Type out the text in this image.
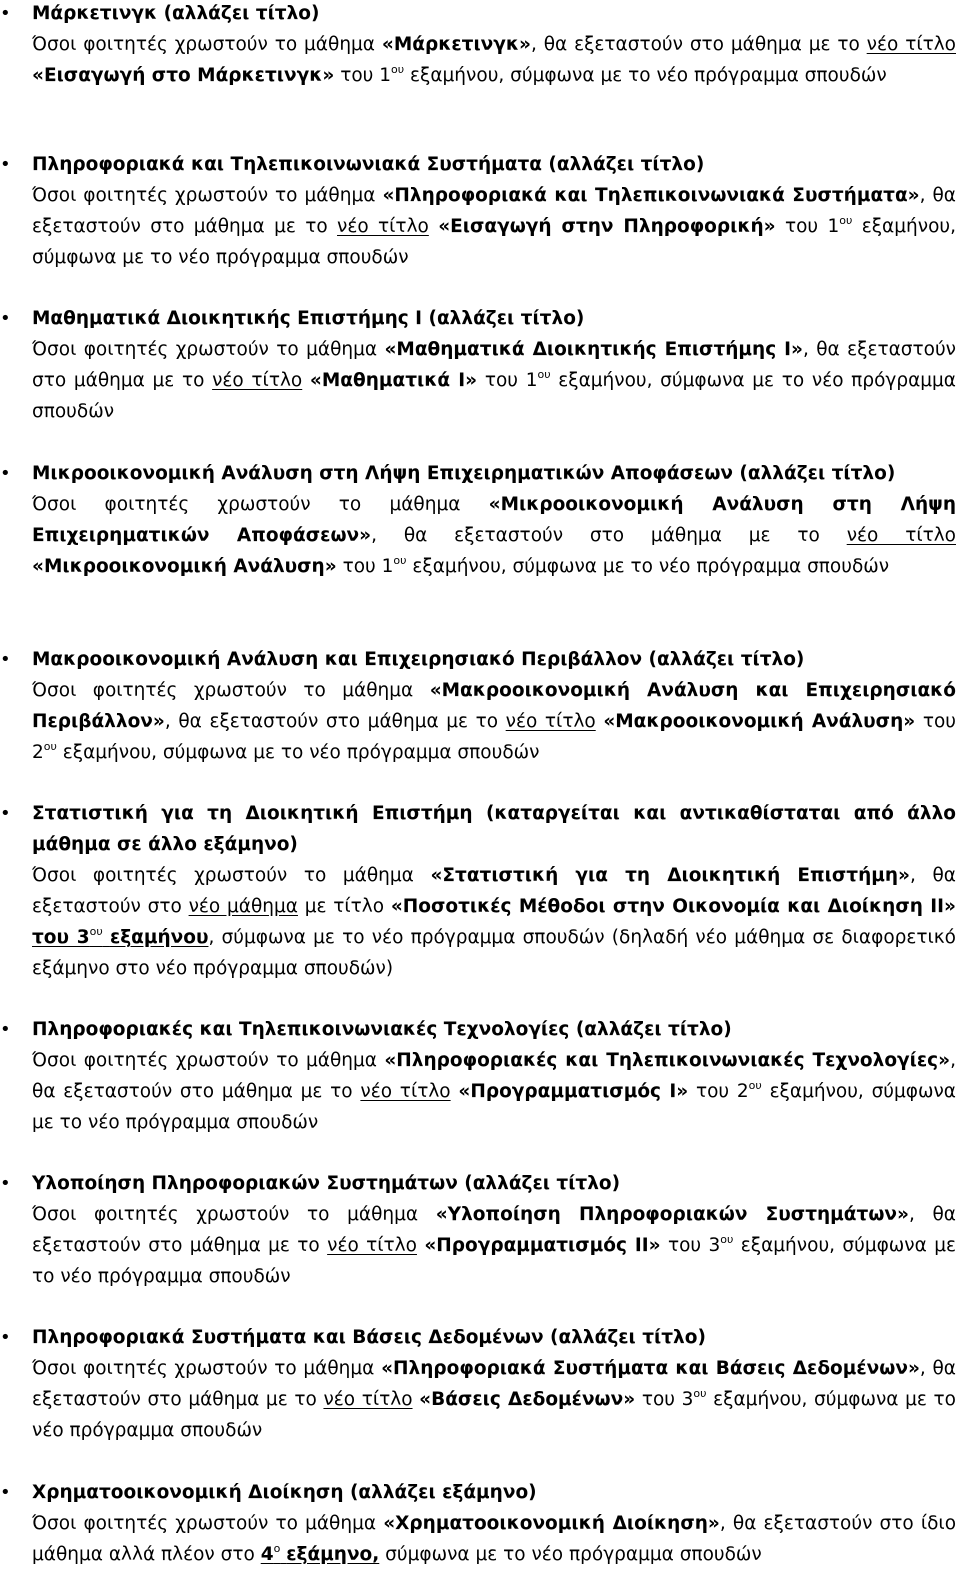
• Μάρκετινγκ (αλλάζει τίτλο)
Όσοι φοιτητές χρωστούν το μάθημα «Μάρκετινγκ», θα εξεταστούν στο μάθημα με το νέο τίτλο «Εισαγωγή στο Μάρκετινγκ» του $1^{o\upsilon}$ εξαμήνου, σύμφωνα με το νέο πρόγραμμα σπουδών
• Πληροφοριακά και Τηλεπικοινωνιακά Συστήματα (αλλάζει τίτλο)
Όσοι φοιτητές χρωστούν το μάθημα «Πληροφοριακά και Τηλεπικοινωνιακά Συστήματα», θα εξεταστούν στο μάθημα με το νέο τίτλο «Εισαγωγή στην Πληροφορική» του $1^{o\upsilon}$ εξαμήνου, σύμφωνα με το νέο πρόγραμμα σπουδών
• Μαθηματικά Διοικητικής Επιστήμης Ι (αλλάζει τίτλο)
Όσοι φοιτητές χρωστούν το μάθημα «Μαθηματικά Διοικητικής Επιστήμης Ι», θα εξεταστούν στο μάθημα με το νέο τίτλο «Μαθηματικά Ι» του $1^{o\upsilon}$ εξαμήνου, σύμφωνα με το νέο πρόγραμμα σπουδών
• Μικροοικονομική Ανάλυση στη Λήψη Επιχειρηματικών Αποφάσεων (αλλάζει τίτλο)
Όσοι φοιτητές χρωστούν το μάθημα «Μικροοικονομική Ανάλυση στη Λήψη Επιχειρηματικών Αποφάσεων», θα εξεταστούν στο μάθημα με το νέο τίτλο «Μικροοικονομική Ανάλυση» του $1^{o\upsilon}$ εξαμήνου, σύμφωνα με το νέο πρόγραμμα σπουδών
• Μακροοικονομική Ανάλυση και Επιχειρησιακό Περιβάλλον (αλλάζει τίτλο)
Όσοι φοιτητές χρωστούν το μάθημα «Μακροοικονομική Ανάλυση και Επιχειρησιακό Περιβάλλον», θα εξεταστούν στο μάθημα με το νέο τίτλο «Μακροοικονομική Ανάλυση» του $2^{o\upsilon}$ εξαμήνου, σύμφωνα με το νέο πρόγραμμα σπουδών
• Στατιστική για τη Διοικητική Επιστήμη (καταργείται και αντικαθίσταται από άλλο μάθημα σε άλλο εξάμηνο)
Όσοι φοιτητές χρωστούν το μάθημα «Στατιστική για τη Διοικητική Επιστήμη», θα εξεταστούν στο νέο μάθημα με τίτλο «Ποσοτικές Μέθοδοι στην Οικονομία και Διοίκηση ΙΙ» του $3^{o\upsilon}$ εξαμήνου, σύμφωνα με το νέο πρόγραμμα σπουδών (δηλαδή νέο μάθημα σε διαφορετικό εξάμηνο στο νέο πρόγραμμα σπουδών)
• Πληροφοριακές και Τηλεπικοινωνιακές Τεχνολογίες (αλλάζει τίτλο)
Όσοι φοιτητές χρωστούν το μάθημα «Πληροφοριακές και Τηλεπικοινωνιακές Τεχνολογίες», θα εξεταστούν στο μάθημα με το νέο τίτλο «Προγραμματισμός Ι» του $2^{o\upsilon}$ εξαμήνου, σύμφωνα με το νέο πρόγραμμα σπουδών
• Υλοποίηση Πληροφοριακών Συστημάτων (αλλάζει τίτλο)
Όσοι φοιτητές χρωστούν το μάθημα «Υλοποίηση Πληροφοριακών Συστημάτων», θα εξεταστούν στο μάθημα με το νέο τίτλο «Προγραμματισμός ΙΙ» του $3^{o\upsilon}$ εξαμήνου, σύμφωνα με το νέο πρόγραμμα σπουδών
• Πληροφοριακά Συστήματα και Βάσεις Δεδομένων (αλλάζει τίτλο)
Όσοι φοιτητές χρωστούν το μάθημα «Πληροφοριακά Συστήματα και Βάσεις Δεδομένων», θα εξεταστούν στο μάθημα με το νέο τίτλο «Βάσεις Δεδομένων» του $3^{o\upsilon}$ εξαμήνου, σύμφωνα με το νέο πρόγραμμα σπουδών
• Χρηματοοικονομική Διοίκηση (αλλάζει εξάμηνο)
Όσοι φοιτητές χρωστούν το μάθημα «Χρηματοοικονομική Διοίκηση», θα εξεταστούν στο ίδιο μάθημα αλλά πλέον στο $4^o$ εξάμηνο, σύμφωνα με το νέο πρόγραμμα σπουδών
